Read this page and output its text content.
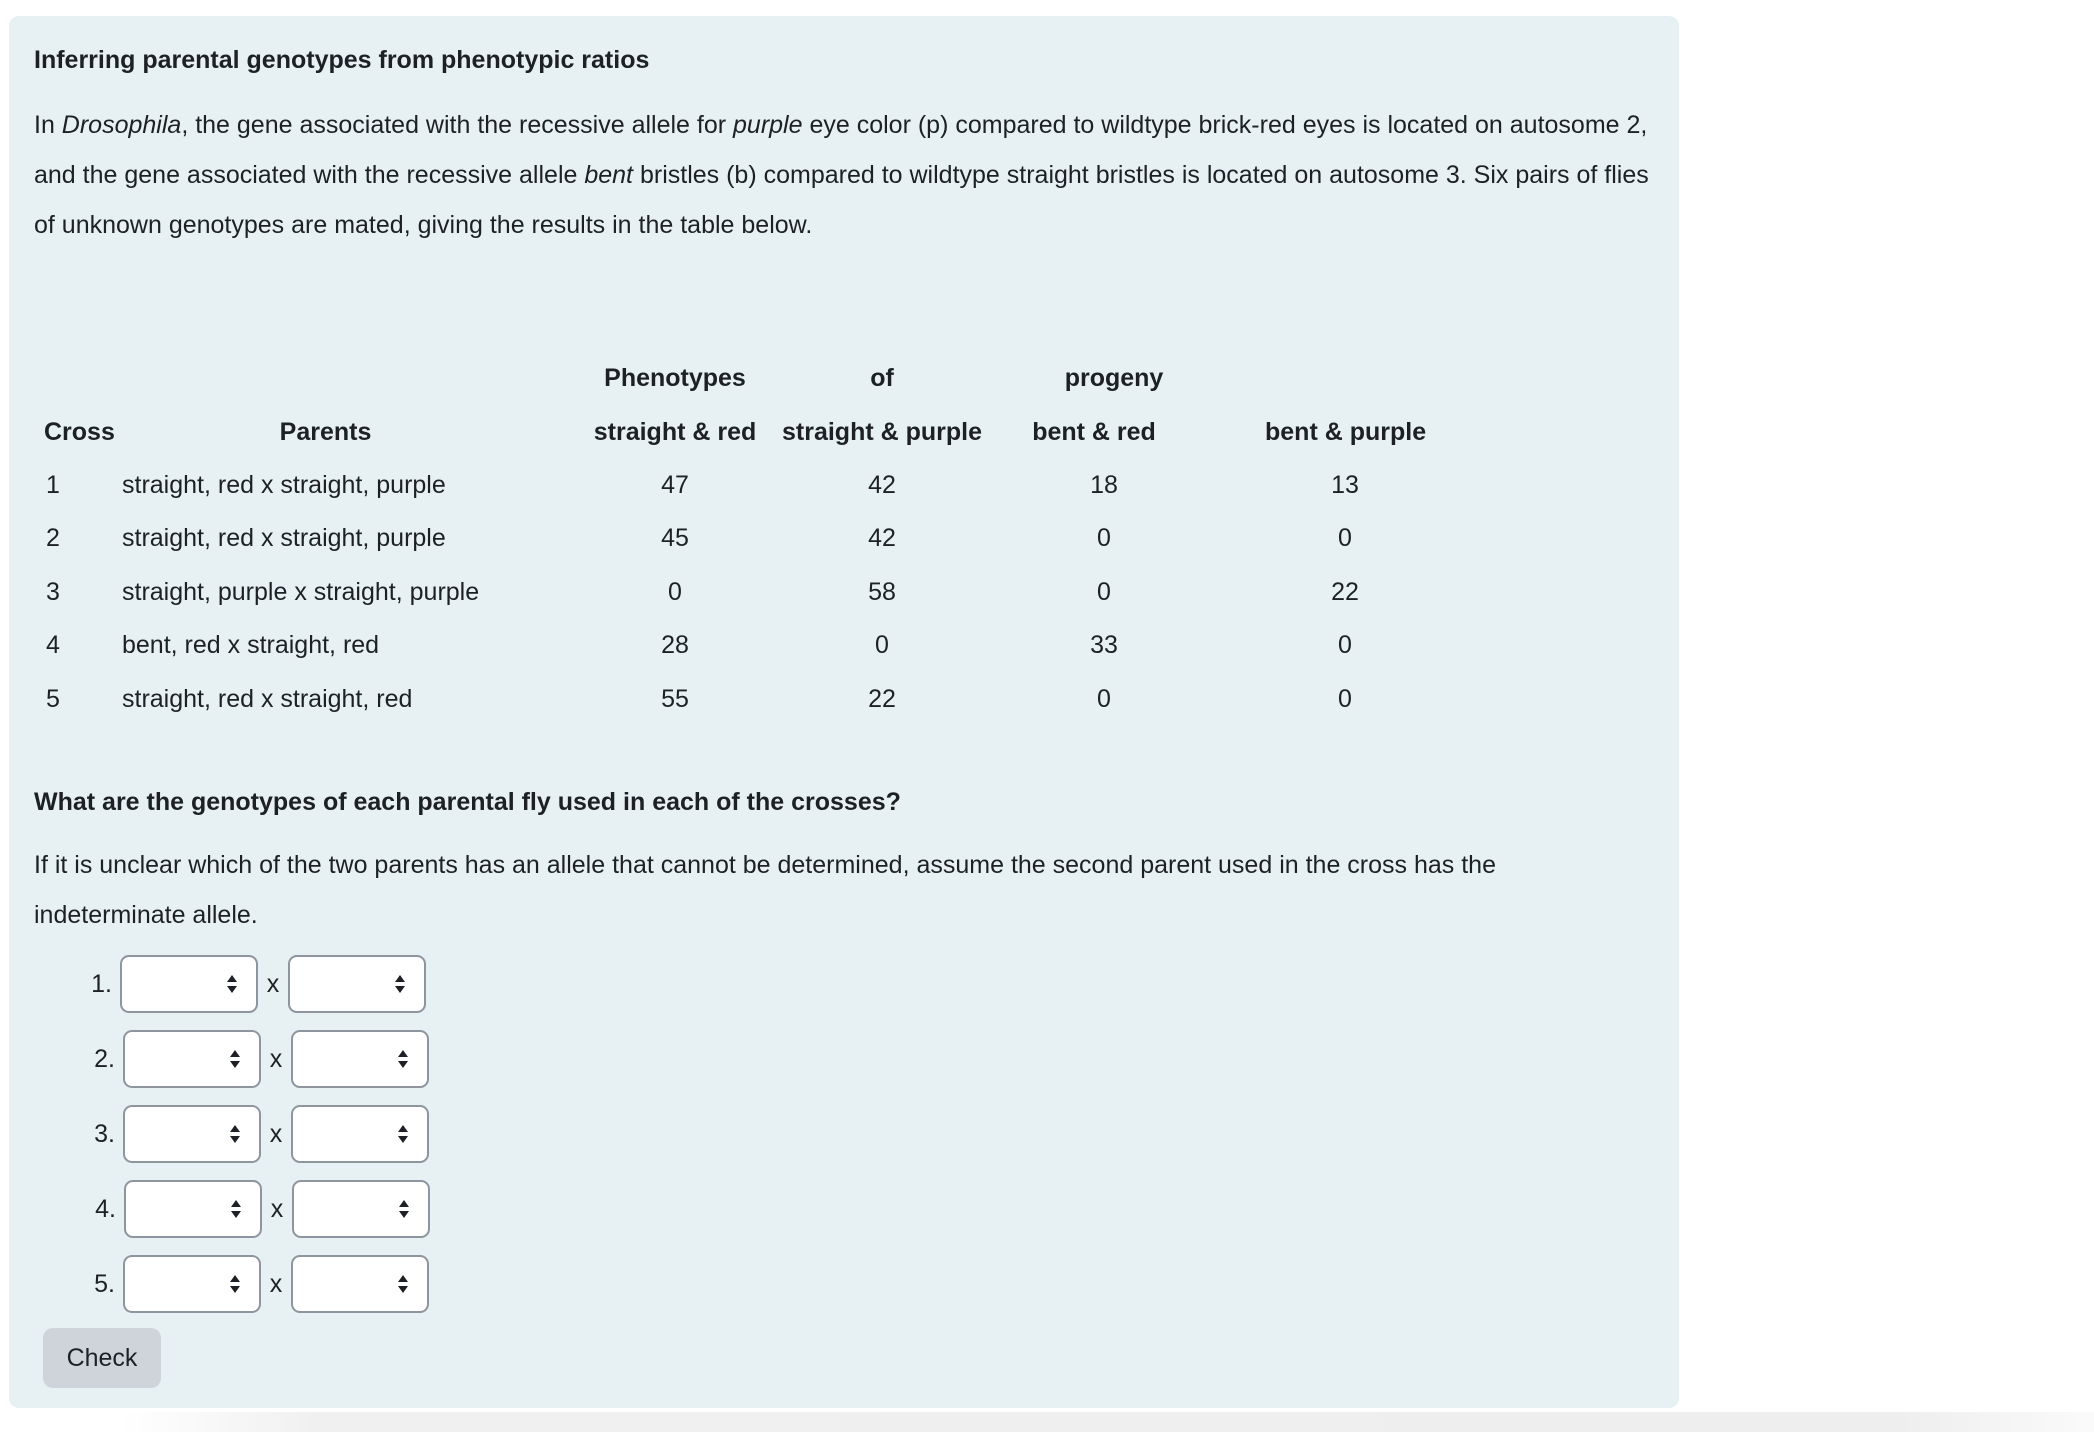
Inferring parental genotypes from phenotypic ratios
In Drosophila, the gene associated with the recessive allele for purple eye color (p) compared to wildtype brick-red eyes is located on autosome 2, and the gene associated with the recessive allele bent bristles (b) compared to wildtype straight bristles is located on autosome 3. Six pairs of flies of unknown genotypes are mated, giving the results in the table below.
		Phenotypes	of	progeny	
Cross	Parents	straight & red	straight & purple	bent & red	bent & purple
1	straight, red x straight, purple	47	42	18	13
2	straight, red x straight, purple	45	42	0	0
3	straight, purple x straight, purple	0	58	0	22
4	bent, red x straight, red	28	0	33	0
5	straight, red x straight, red	55	22	0	0
What are the genotypes of each parental fly used in each of the crosses?
If it is unclear which of the two parents has an allele that cannot be determined, assume the second parent used in the cross has the indeterminate allele.
1.	x
2.	x
3.	x
4.	x
5.	x
Check
